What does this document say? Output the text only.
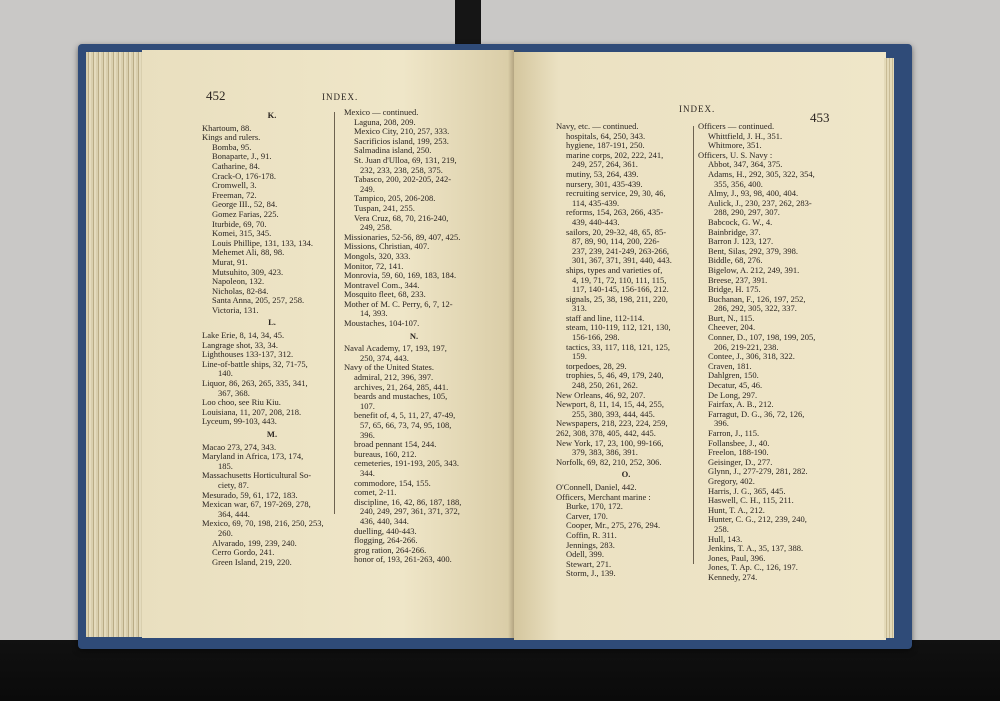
452	INDEX.
K.
Khartoum, 88.
Kings and rulers.
Bomba, 95.
Bonaparte, J., 91.
Catharine, 84.
Crack-O, 176-178.
Cromwell, 3.
Freeman, 72.
George III., 52, 84.
Gomez Farias, 225.
Iturbide, 69, 70.
Komei, 315, 345.
Louis Phillipe, 131, 133, 134.
Mehemet Ali, 88, 98.
Murat, 91.
Mutsuhito, 309, 423.
Napoleon, 132.
Nicholas, 82-84.
Santa Anna, 205, 257, 258.
Victoria, 131.
L.
Lake Erie, 8, 14, 34, 45.
Langrage shot, 33, 34.
Lighthouses 133-137, 312.
Line-of-battle ships, 32, 71-75,
140.
Liquor, 86, 263, 265, 335, 341,
367, 368.
Loo choo, see Riu Kiu.
Louisiana, 11, 207, 208, 218.
Lyceum, 99-103, 443.
M.
Macao 273, 274, 343.
Maryland in Africa, 173, 174,
185.
Massachusetts Horticultural So-
ciety, 87.
Mesurado, 59, 61, 172, 183.
Mexican war, 67, 197-269, 278,
364, 444.
Mexico, 69, 70, 198, 216, 250, 253,
260.
Alvarado, 199, 239, 240.
Cerro Gordo, 241.
Green Island, 219, 220.
Mexico — continued.
Laguna, 208, 209.
Mexico City, 210, 257, 333.
Sacrificios island, 199, 253.
Salmadina island, 250.
St. Juan d'Ulloa, 69, 131, 219,
232, 233, 238, 258, 375.
Tabasco, 200, 202-205, 242-
249.
Tampico, 205, 206-208.
Tuspan, 241, 255.
Vera Cruz, 68, 70, 216-240,
249, 258.
Missionaries, 52-56, 89, 407, 425.
Missions, Christian, 407.
Mongols, 320, 333.
Monitor, 72, 141.
Monrovia, 59, 60, 169, 183, 184.
Montravel Com., 344.
Mosquito fleet, 68, 233.
Mother of M. C. Perry, 6, 7, 12-
14, 393.
Moustaches, 104-107.
N.
Naval Academy, 17, 193, 197,
250, 374, 443.
Navy of the United States.
admiral, 212, 396, 397.
archives, 21, 264, 285, 441.
beards and mustaches, 105,
107.
benefit of, 4, 5, 11, 27, 47-49,
57, 65, 66, 73, 74, 95, 108,
396.
broad pennant 154, 244.
bureaus, 160, 212.
cemeteries, 191-193, 205, 343.
344.
commodore, 154, 155.
comet, 2-11.
discipline, 16, 42, 86, 187, 188,
240, 249, 297, 361, 371, 372,
436, 440, 344.
duelling, 440-443.
flogging, 264-266.
grog ration, 264-266.
honor of, 193, 261-263, 400.
INDEX.
453
Navy, etc. — continued.
hospitals, 64, 250, 343.
hygiene, 187-191, 250.
marine corps, 202, 222, 241,
249, 257, 264, 361.
mutiny, 53, 264, 439.
nursery, 301, 435-439.
recruiting service, 29, 30, 46,
114, 435-439.
reforms, 154, 263, 266, 435-
439, 440-443.
sailors, 20, 29-32, 48, 65, 85-
87, 89, 90, 114, 200, 226-
237, 239, 241-249, 263-266,
301, 367, 371, 391, 440, 443.
ships, types and varieties of,
4, 19, 71, 72, 110, 111, 115,
117, 140-145, 156-166, 212.
signals, 25, 38, 198, 211, 220,
313.
staff and line, 112-114.
steam, 110-119, 112, 121, 130,
156-166, 298.
tactics, 33, 117, 118, 121, 125,
159.
torpedoes, 28, 29.
trophies, 5, 46, 49, 179, 240,
248, 250, 261, 262.
New Orleans, 46, 92, 207.
Newport, 8, 11, 14, 15, 44, 255,
255, 380, 393, 444, 445.
Newspapers, 218, 223, 224, 259,
262, 308, 378, 405, 442, 445.
New York, 17, 23, 100, 99-166,
379, 383, 386, 391.
Norfolk, 69, 82, 210, 252, 306.
O.
O'Connell, Daniel, 442.
Officers, Merchant marine :
Burke, 170, 172.
Carver, 170.
Cooper, Mr., 275, 276, 294.
Coffin, R. 311.
Jennings, 283.
Odell, 399.
Stewart, 271.
Storm, J., 139.
Officers — continued.
Whittfield, J. H., 351.
Whitmore, 351.
Officers, U. S. Navy :
Abbot, 347, 364, 375.
Adams, H., 292, 305, 322, 354,
355, 356, 400.
Almy, J., 93, 98, 400, 404.
Aulick, J., 230, 237, 262, 283-
288, 290, 297, 307.
Babcock, G. W., 4.
Bainbridge, 37.
Barron J. 123, 127.
Bent, Silas, 292, 379, 398.
Biddle, 68, 276.
Bigelow, A. 212, 249, 391.
Breese, 237, 391.
Bridge, H. 175.
Buchanan, F., 126, 197, 252,
286, 292, 305, 322, 337.
Burt, N., 115.
Cheever, 204.
Conner, D., 107, 198, 199, 205,
206, 219-221, 238.
Contee, J., 306, 318, 322.
Craven, 181.
Dahlgren, 150.
Decatur, 45, 46.
De Long, 297.
Fairfax, A. B., 212.
Farragut, D. G., 36, 72, 126,
396.
Farron, J., 115.
Follansbee, J., 40.
Freelon, 188-190.
Geisinger, D., 277.
Glynn, J., 277-279, 281, 282.
Gregory, 402.
Harris, J. G., 365, 445.
Haswell, C. H., 115, 211.
Hunt, T. A., 212.
Hunter, C. G., 212, 239, 240,
258.
Hull, 143.
Jenkins, T. A., 35, 137, 388.
Jones, Paul, 396.
Jones, T. Ap. C., 126, 197.
Kennedy, 274.
